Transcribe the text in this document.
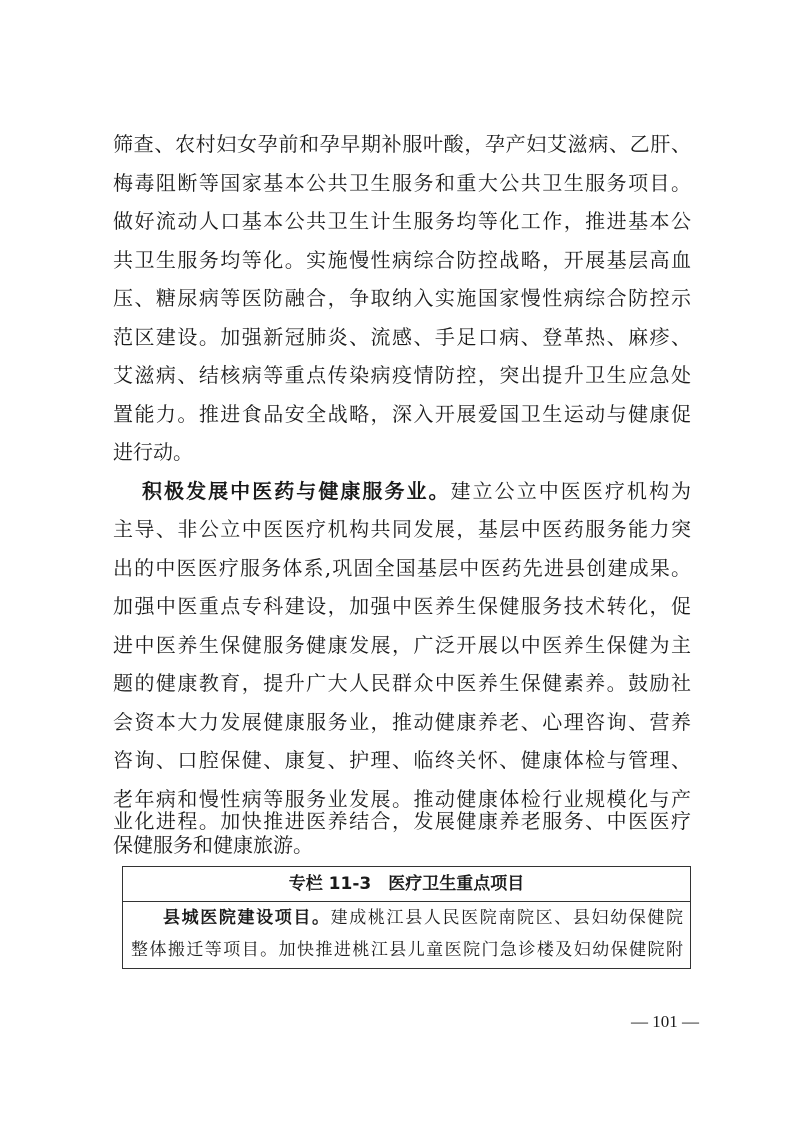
筛查、农村妇女孕前和孕早期补服叶酸，孕产妇艾滋病、乙肝、
梅毒阻断等国家基本公共卫生服务和重大公共卫生服务项目。
做好流动人口基本公共卫生计生服务均等化工作，推进基本公
共卫生服务均等化。实施慢性病综合防控战略，开展基层高血
压、糖尿病等医防融合，争取纳入实施国家慢性病综合防控示
范区建设。加强新冠肺炎、流感、手足口病、登革热、麻疹、
艾滋病、结核病等重点传染病疫情防控，突出提升卫生应急处
置能力。推进食品安全战略，深入开展爱国卫生运动与健康促
进行动。
积极发展中医药与健康服务业。建立公立中医医疗机构为
主导、非公立中医医疗机构共同发展，基层中医药服务能力突
出的中医医疗服务体系,巩固全国基层中医药先进县创建成果。
加强中医重点专科建设，加强中医养生保健服务技术转化，促
进中医养生保健服务健康发展，广泛开展以中医养生保健为主
题的健康教育，提升广大人民群众中医养生保健素养。鼓励社
会资本大力发展健康服务业，推动健康养老、心理咨询、营养
咨询、口腔保健、康复、护理、临终关怀、健康体检与管理、
老年病和慢性病等服务业发展。推动健康体检行业规模化与产
业化进程。加快推进医养结合，发展健康养老服务、中医医疗
保健服务和健康旅游。
专栏 11-3　医疗卫生重点项目
县城医院建设项目。建成桃江县人民医院南院区、县妇幼保健院
整体搬迁等项目。加快推进桃江县儿童医院门急诊楼及妇幼保健院附
— 101 —
